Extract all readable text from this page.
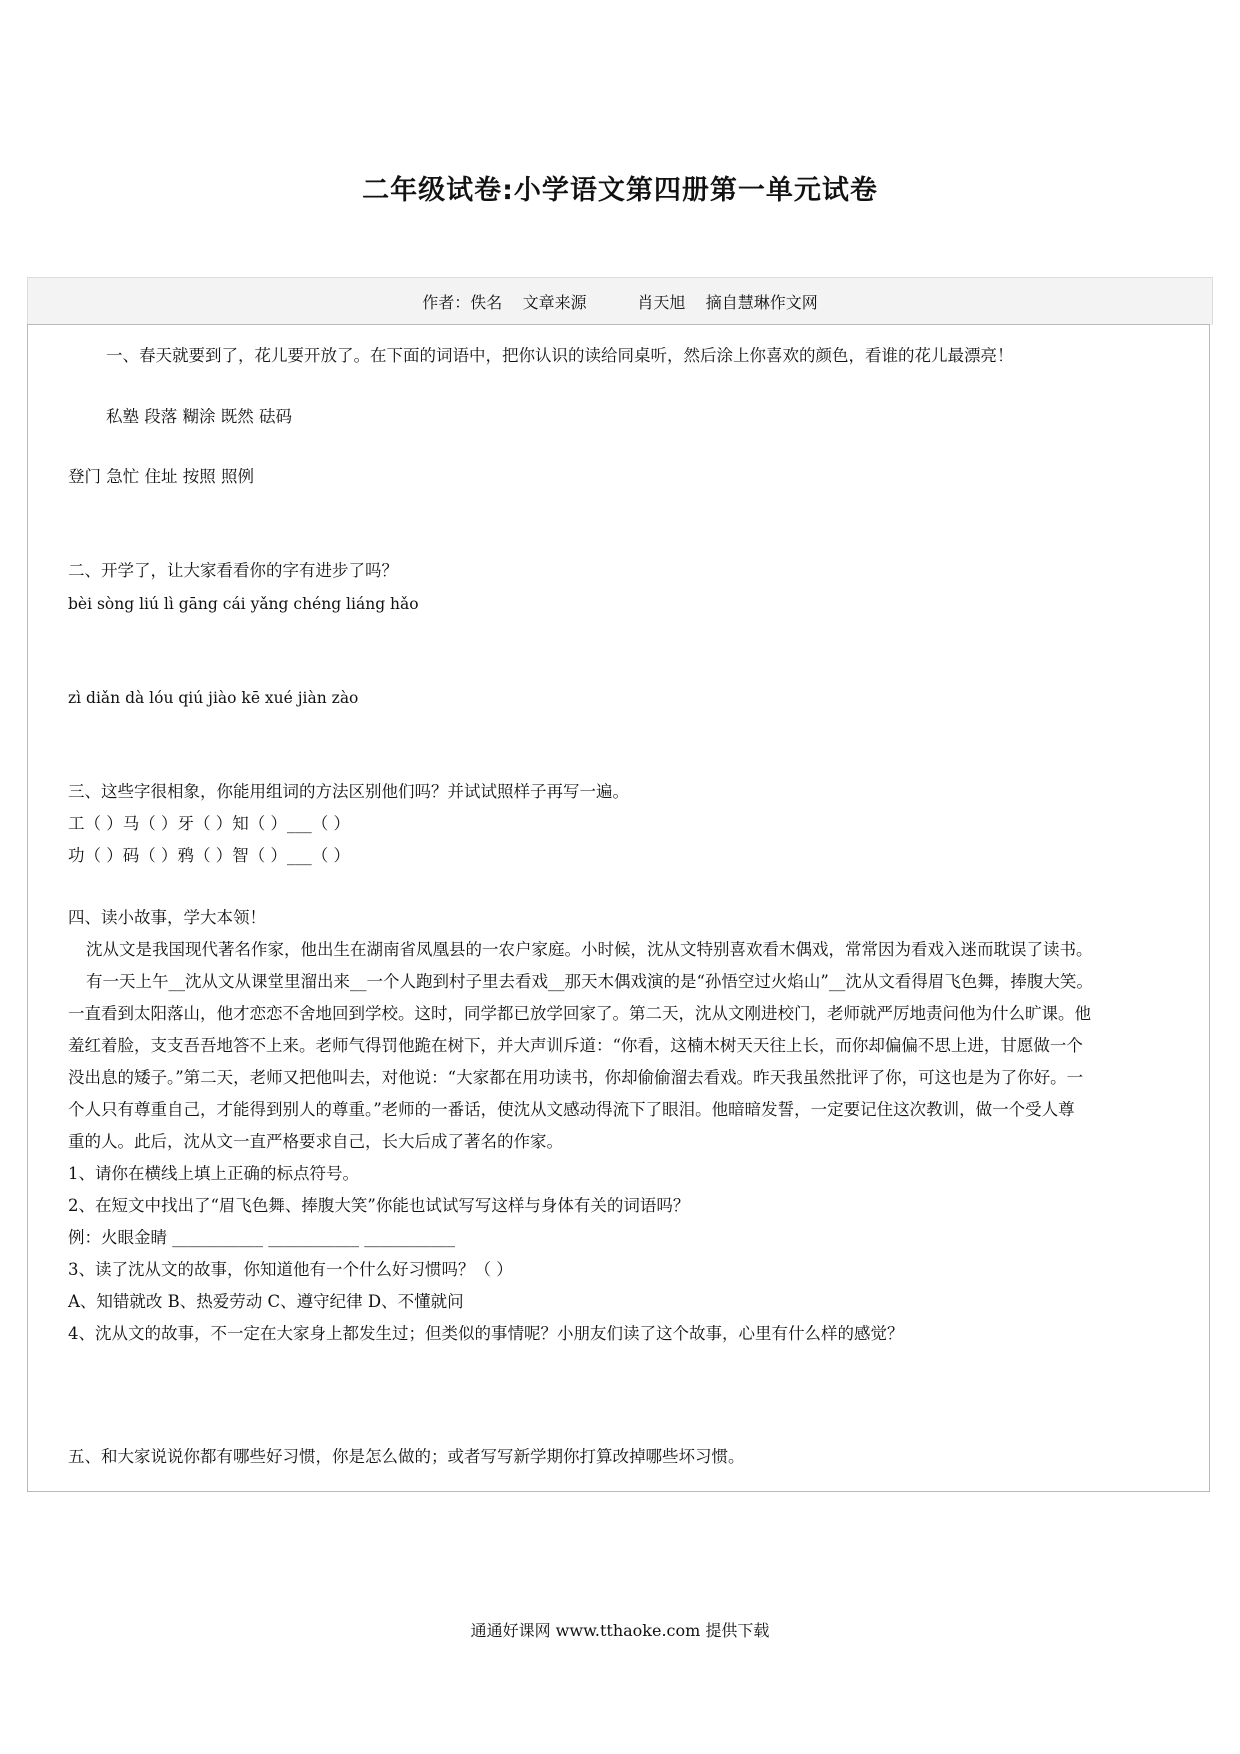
二年级试卷:小学语文第四册第一单元试卷
作者：佚名    文章来源          肖天旭    摘自慧琳作文网
一、春天就要到了，花儿要开放了。在下面的词语中，把你认识的读给同桌听，然后涂上你喜欢的颜色，看谁的花儿最漂亮！
私塾 段落 糊涂 既然 砝码
登门 急忙 住址 按照 照例
二、开学了，让大家看看你的字有进步了吗？
bèi sòng liú lì gāng cái yǎng chéng liáng hǎo
zì diǎn dà lóu qiú jiào kē xué jiàn zào
三、这些字很相象，你能用组词的方法区别他们吗？并试试照样子再写一遍。
工（ ）马（ ）牙（ ）知（ ）___（ ）
功（ ）码（ ）鸦（ ）智（ ）___（ ）
四、读小故事，学大本领！
沈从文是我国现代著名作家，他出生在湖南省凤凰县的一农户家庭。小时候，沈从文特别喜欢看木偶戏，常常因为看戏入迷而耽误了读书。
有一天上午__沈从文从课堂里溜出来__一个人跑到村子里去看戏__那天木偶戏演的是“孙悟空过火焰山”__沈从文看得眉飞色舞，捧腹大笑。
一直看到太阳落山，他才恋恋不舍地回到学校。这时，同学都已放学回家了。第二天，沈从文刚进校门，老师就严厉地责问他为什么旷课。他
羞红着脸，支支吾吾地答不上来。老师气得罚他跪在树下，并大声训斥道：“你看，这楠木树天天往上长，而你却偏偏不思上进，甘愿做一个
没出息的矮子。”第二天，老师又把他叫去，对他说：“大家都在用功读书，你却偷偷溜去看戏。昨天我虽然批评了你，可这也是为了你好。一
个人只有尊重自己，才能得到别人的尊重。”老师的一番话，使沈从文感动得流下了眼泪。他暗暗发誓，一定要记住这次教训，做一个受人尊
重的人。此后，沈从文一直严格要求自己，长大后成了著名的作家。
1、请你在横线上填上正确的标点符号。
2、在短文中找出了“眉飞色舞、捧腹大笑”你能也试试写写这样与身体有关的词语吗？
例：火眼金睛 ___________ ___________ ___________
3、读了沈从文的故事，你知道他有一个什么好习惯吗？（ ）
A、知错就改 B、热爱劳动 C、遵守纪律 D、不懂就问
4、沈从文的故事，不一定在大家身上都发生过；但类似的事情呢？小朋友们读了这个故事，心里有什么样的感觉？
五、和大家说说你都有哪些好习惯，你是怎么做的；或者写写新学期你打算改掉哪些坏习惯。
通通好课网 www.tthaoke.com 提供下载
